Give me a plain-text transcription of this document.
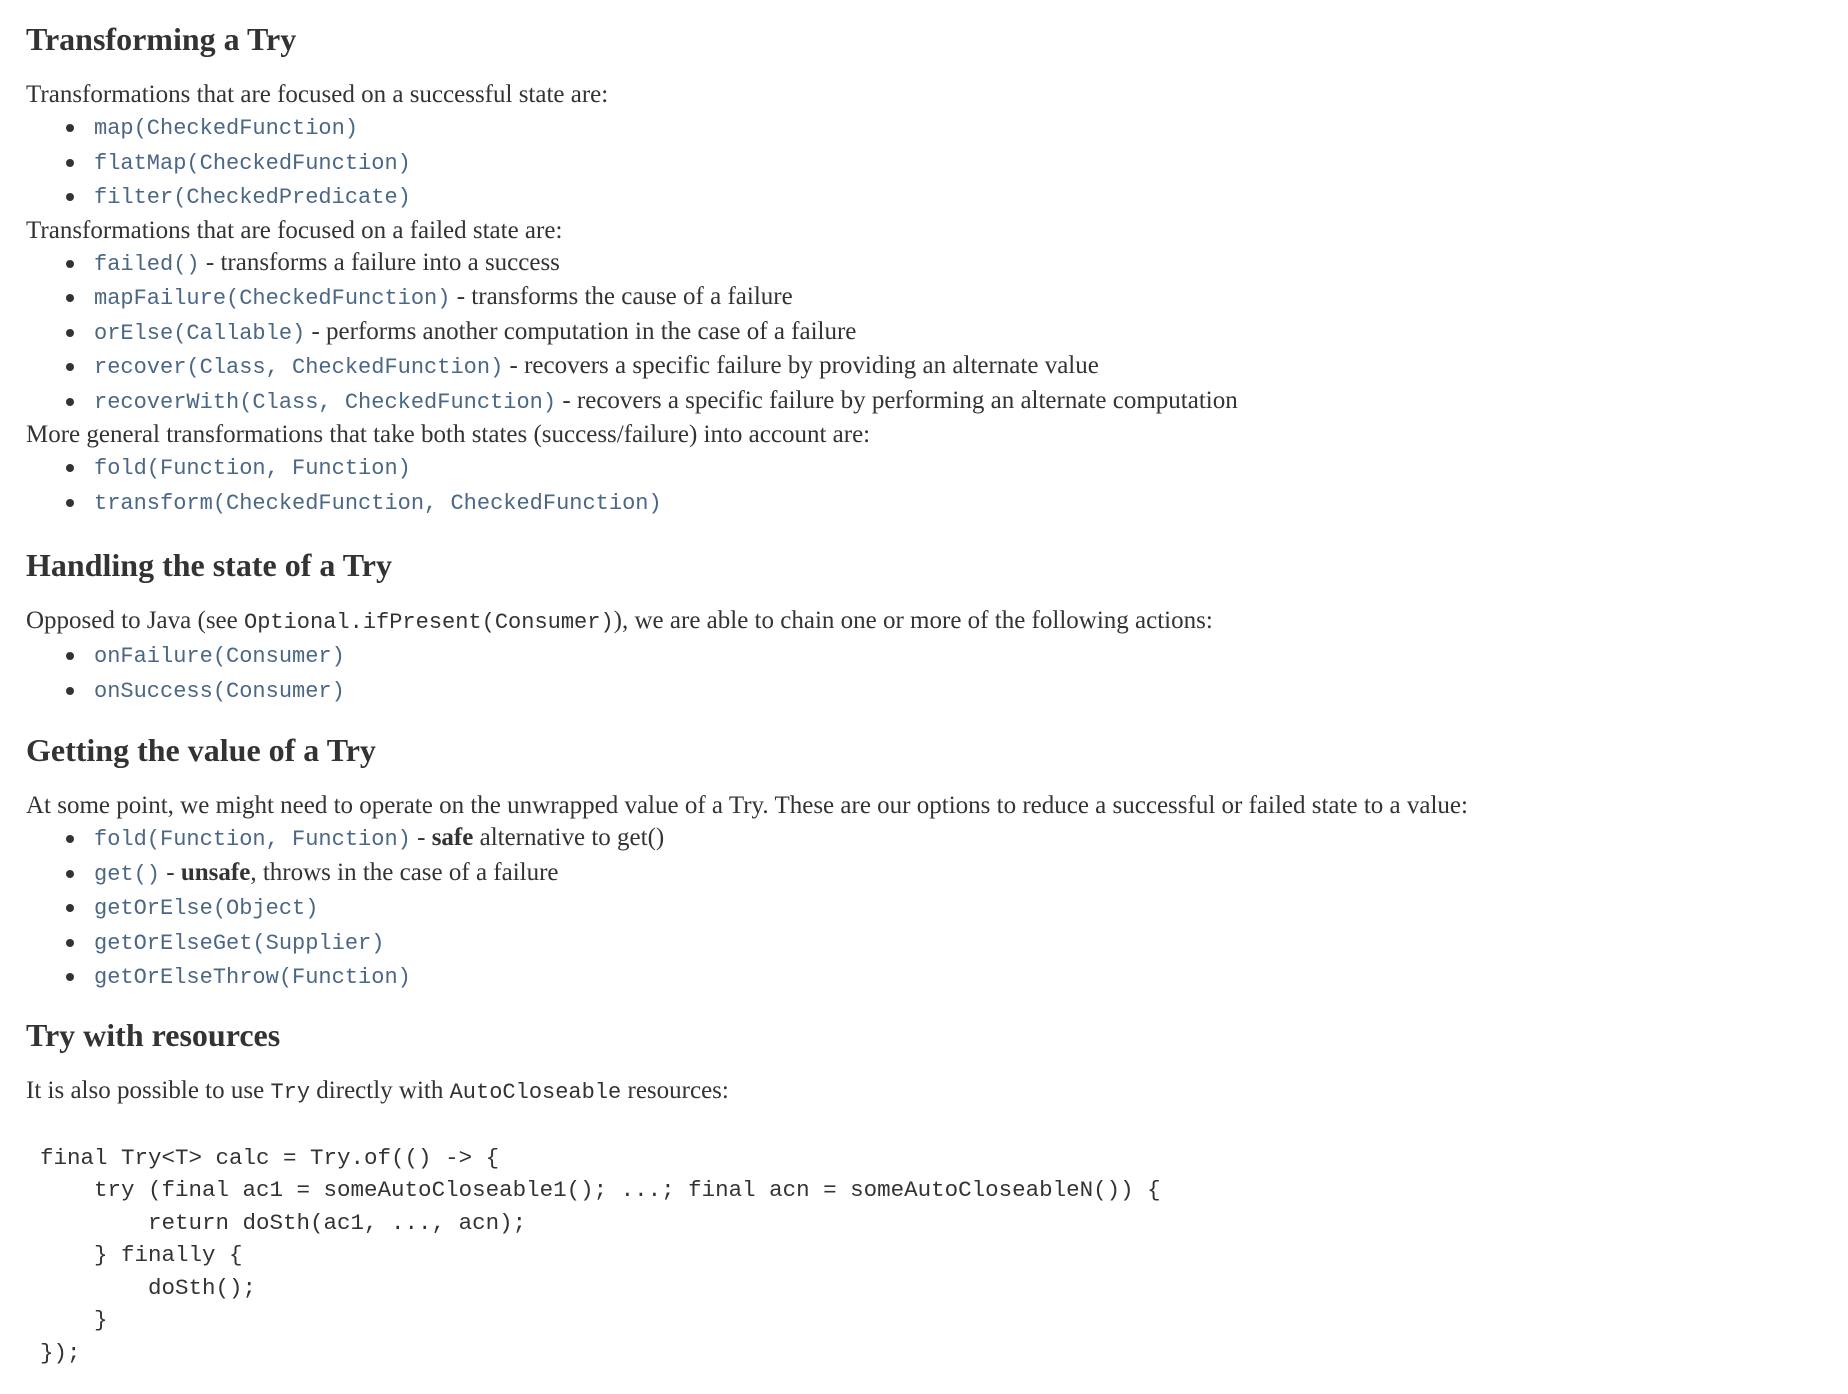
Transforming a Try

Transformations that are focused on a successful state are:

map(CheckedFunction)
flatMap(CheckedFunction)
filter(CheckedPredicate)

Transformations that are focused on a failed state are:

failed() - transforms a failure into a success
mapFailure(CheckedFunction) - transforms the cause of a failure
orElse(Callable) - performs another computation in the case of a failure
recover(Class, CheckedFunction) - recovers a specific failure by providing an alternate value
recoverWith(Class, CheckedFunction) - recovers a specific failure by performing an alternate computation

More general transformations that take both states (success/failure) into account are:

fold(Function, Function)
transform(CheckedFunction, CheckedFunction)
Handling the state of a Try

Opposed to Java (see Optional.ifPresent(Consumer)), we are able to chain one or more of the following actions:

onFailure(Consumer)
onSuccess(Consumer)
Getting the value of a Try

At some point, we might need to operate on the unwrapped value of a Try. These are our options to reduce a successful or failed state to a value:

fold(Function, Function) - safe alternative to get()
get() - unsafe, throws in the case of a failure
getOrElse(Object)
getOrElseGet(Supplier)
getOrElseThrow(Function)
Try with resources

It is also possible to use Try directly with AutoCloseable resources:

final Try<T> calc = Try.of(() -> {
try (final ac1 = someAutoCloseable1(); ...; final acn = someAutoCloseableN()) {
return doSth(ac1, ..., acn);
} finally {
doSth();
}
});
